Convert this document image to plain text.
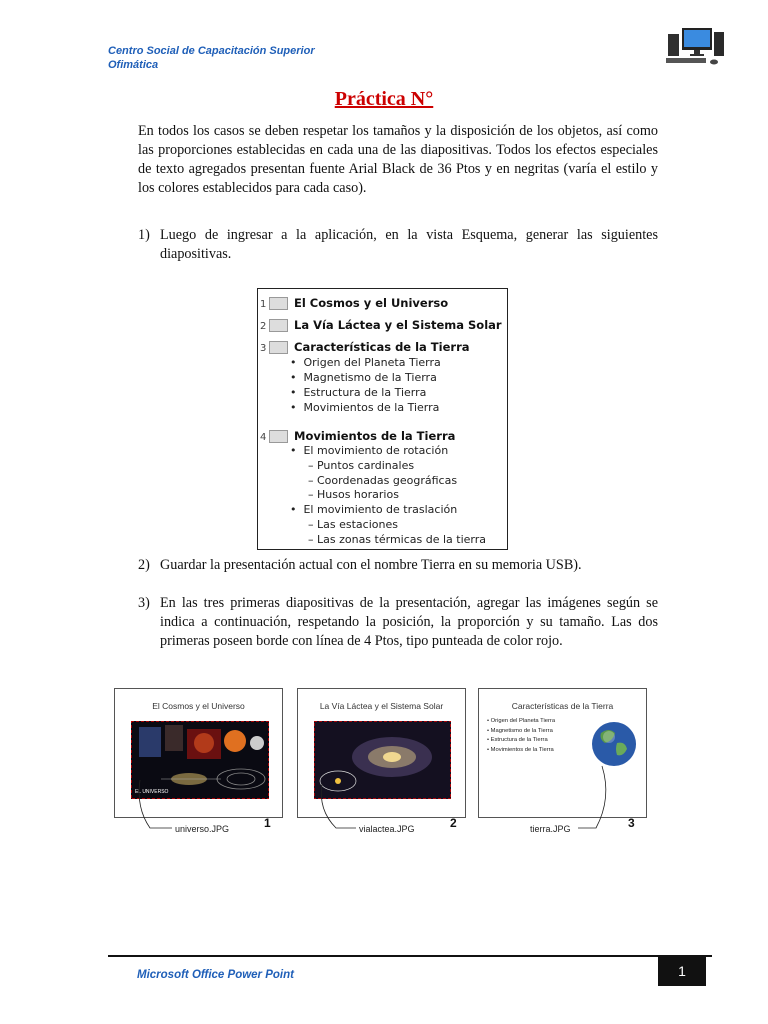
Centro Social de Capacitación Superior
Ofimática
Práctica N°
En todos los casos se deben respetar los tamaños y la disposición de los objetos, así como las proporciones establecidas en cada una de las diapositivas. Todos los efectos especiales de texto agregados presentan fuente Arial Black de 36 Ptos y en negritas (varía el estilo y los colores establecidos para cada caso).
1) Luego de ingresar a la aplicación, en la vista Esquema, generar las siguientes diapositivas.
1 El Cosmos y el Universo
2 La Vía Láctea y el Sistema Solar
3 Características de la Tierra
•  Origen del Planeta Tierra
•  Magnetismo de la Tierra
•  Estructura de la Tierra
•  Movimientos de la Tierra
4 Movimientos de la Tierra
•  El movimiento de rotación
– Puntos cardinales
– Coordenadas geográficas
– Husos horarios
•  El movimiento de traslación
– Las estaciones
– Las zonas térmicas de la tierra
2) Guardar la presentación actual con el nombre Tierra en su memoria USB).
3) En las tres primeras diapositivas de la presentación, agregar las imágenes según se indica a continuación, respetando la posición, la proporción y su tamaño. Las dos primeras poseen borde con línea de 4 Ptos, tipo punteada de color rojo.
El Cosmos y el Universo
EL UNIVERSO
La Vía Láctea y el Sistema Solar	Características de la Tierra
• Origen del Planeta Tierra
• Magnetismo de la Tierra
• Estructura de la Tierra
• Movimientos de la Tierra
1	2	3
universo.JPG	vialactea.JPG	tierra.JPG
Microsoft Office Power Point	1
